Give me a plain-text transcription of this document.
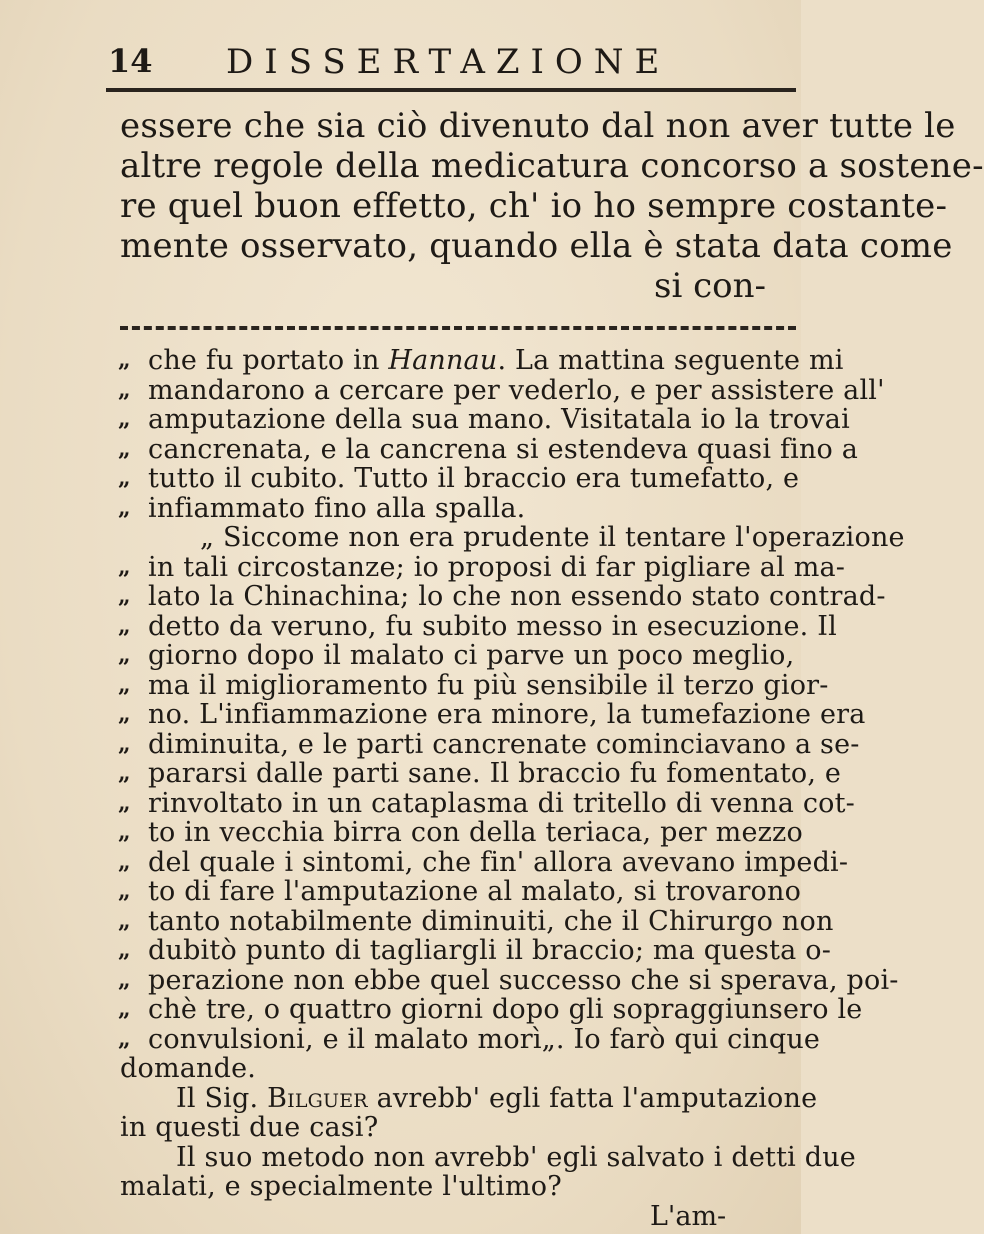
14 DISSERTAZIONE
essere che sia ciò divenuto dal non aver tutte le
altre regole della medicatura concorso a sostene-
re quel buon effetto, ch' io ho sempre costante-
mente osservato, quando ella è stata data come
si con-
„ che fu portato in Hannau. La mattina seguente mi
„ mandarono a cercare per vederlo, e per assistere all'
„ amputazione della sua mano. Visitatala io la trovai
„ cancrenata, e la cancrena si estendeva quasi fino a
„ tutto il cubito. Tutto il braccio era tumefatto, e
„ infiammato fino alla spalla.
„ Siccome non era prudente il tentare l'operazione
„ in tali circostanze; io proposi di far pigliare al ma-
„ lato la Chinachina; lo che non essendo stato contrad-
„ detto da veruno, fu subito messo in esecuzione. Il
„ giorno dopo il malato ci parve un poco meglio,
„ ma il miglioramento fu più sensibile il terzo gior-
„ no. L'infiammazione era minore, la tumefazione era
„ diminuita, e le parti cancrenate cominciavano a se-
„ pararsi dalle parti sane. Il braccio fu fomentato, e
„ rinvoltato in un cataplasma di tritello di venna cot-
„ to in vecchia birra con della teriaca, per mezzo
„ del quale i sintomi, che fin' allora avevano impedi-
„ to di fare l'amputazione al malato, si trovarono
„ tanto notabilmente diminuiti, che il Chirurgo non
„ dubitò punto di tagliargli il braccio; ma questa o-
„ perazione non ebbe quel successo che si sperava, poi-
„ chè tre, o quattro giorni dopo gli sopraggiunsero le
„ convulsioni, e il malato morì„. Io farò qui cinque
domande.
Il Sig. Bilguer avrebb' egli fatta l'amputazione
in questi due casi?
Il suo metodo non avrebb' egli salvato i detti due
malati, e specialmente l'ultimo?
L'am-
